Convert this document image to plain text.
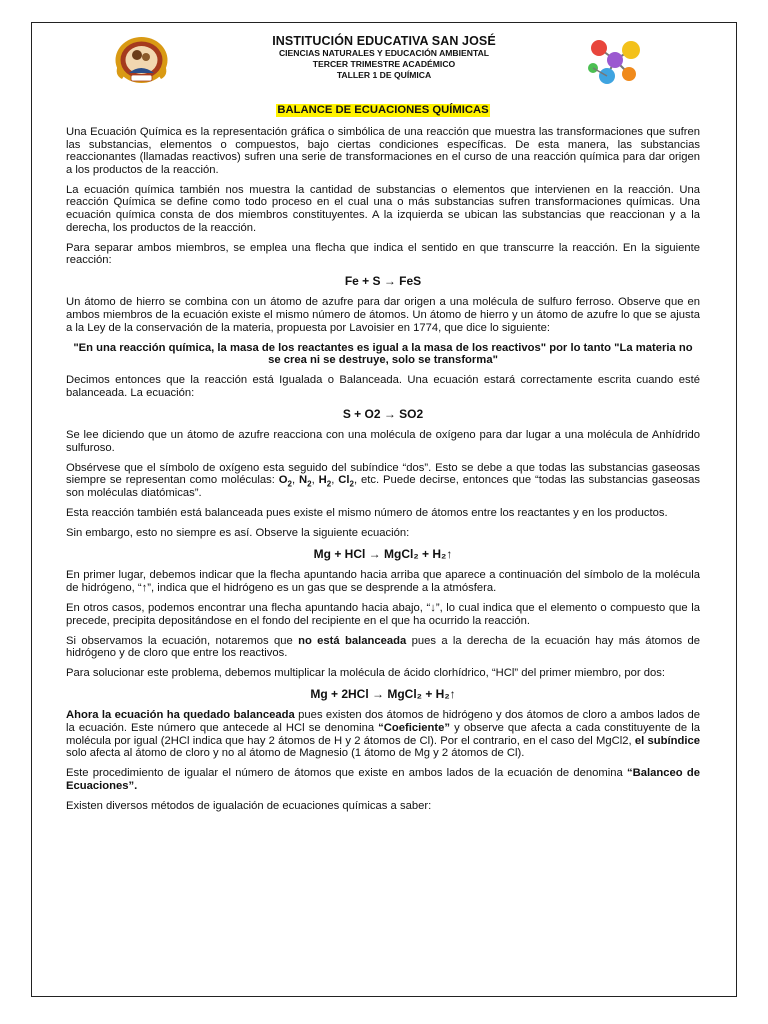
INSTITUCIÓN EDUCATIVA SAN JOSÉ
CIENCIAS NATURALES Y EDUCACIÓN AMBIENTAL
TERCER TRIMESTRE ACADÉMICO
TALLER 1 DE QUÍMICA
BALANCE DE ECUACIONES QUÍMICAS

Una Ecuación Química es la representación gráfica o simbólica de una reacción que muestra las transformaciones que sufren las substancias, elementos o compuestos, bajo ciertas condiciones específicas. De esta manera, las substancias reaccionantes (llamadas reactivos) sufren una serie de transformaciones en el curso de una reacción química para dar origen a los productos de la reacción.

La ecuación química también nos muestra la cantidad de substancias o elementos que intervienen en la reacción. Una reacción Química se define como todo proceso en el cual una o más substancias sufren transformaciones químicas. Una ecuación química consta de dos miembros constituyentes. A la izquierda se ubican las substancias que reaccionan y a la derecha, los productos de la reacción.

Para separar ambos miembros, se emplea una flecha que indica el sentido en que transcurre la reacción. En la siguiente reacción:

Fe + S → FeS

Un átomo de hierro se combina con un átomo de azufre para dar origen a una molécula de sulfuro ferroso. Observe que en ambos miembros de la ecuación existe el mismo número de átomos. Un átomo de hierro y un átomo de azufre lo que se ajusta a la Ley de la conservación de la materia, propuesta por Lavoisier en 1774, que dice lo siguiente:

"En una reacción química, la masa de los reactantes es igual a la masa de los reactivos" por lo tanto "La materia no se crea ni se destruye, solo se transforma"

Decimos entonces que la reacción está Igualada o Balanceada. Una ecuación estará correctamente escrita cuando esté balanceada. La ecuación:

S + O2 → SO2

Se lee diciendo que un átomo de azufre reacciona con una molécula de oxígeno para dar lugar a una molécula de Anhídrido sulfuroso.

Obsérvese que el símbolo de oxígeno esta seguido del subíndice “dos”. Esto se debe a que todas las substancias gaseosas siempre se representan como moléculas: $O_2$, $N_2$, $H_2$, $Cl_2$, etc. Puede decirse, entonces que “todas las substancias gaseosas son moléculas diatómicas”.

Esta reacción también está balanceada pues existe el mismo número de átomos entre los reactantes y en los productos.

Sin embargo, esto no siempre es así. Observe la siguiente ecuación:

Mg + HCl → MgCl₂ + H₂↑

En primer lugar, debemos indicar que la flecha apuntando hacia arriba que aparece a continuación del símbolo de la molécula de hidrógeno, “↑”, indica que el hidrógeno es un gas que se desprende a la atmósfera.

En otros casos, podemos encontrar una flecha apuntando hacia abajo, “↓”, lo cual indica que el elemento o compuesto que la precede, precipita depositándose en el fondo del recipiente en el que ha ocurrido la reacción.

Si observamos la ecuación, notaremos que no está balanceada pues a la derecha de la ecuación hay más átomos de hidrógeno y de cloro que entre los reactivos.

Para solucionar este problema, debemos multiplicar la molécula de ácido clorhídrico, “HCl” del primer miembro, por dos:

Mg + 2HCl → MgCl₂ + H₂↑

Ahora la ecuación ha quedado balanceada pues existen dos átomos de hidrógeno y dos átomos de cloro a ambos lados de la ecuación. Este número que antecede al HCl se denomina “Coeficiente” y observe que afecta a cada constituyente de la molécula por igual (2HCl indica que hay 2 átomos de H y 2 átomos de Cl). Por el contrario, en el caso del MgCl2, el subíndice solo afecta al átomo de cloro y no al átomo de Magnesio (1 átomo de Mg y 2 átomos de Cl).

Este procedimiento de igualar el número de átomos que existe en ambos lados de la ecuación de denomina “Balanceo de Ecuaciones”.

Existen diversos métodos de igualación de ecuaciones químicas a saber:
